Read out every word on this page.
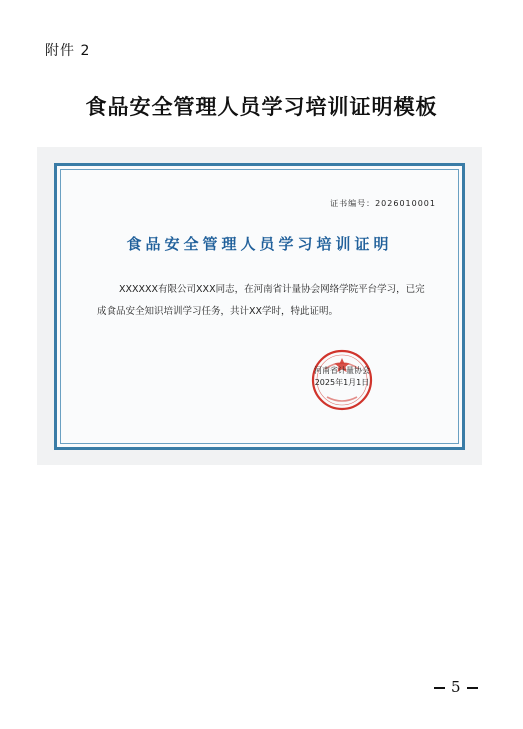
附件 2
食品安全管理人员学习培训证明模板
证书编号：2026010001
食品安全管理人员学习培训证明
XXXXXX有限公司XXX同志，在河南省计量协会网络学院平台学习，已完成食品安全知识培训学习任务，共计XX学时，特此证明。
河南省计量协会
2025年1月1日
5
